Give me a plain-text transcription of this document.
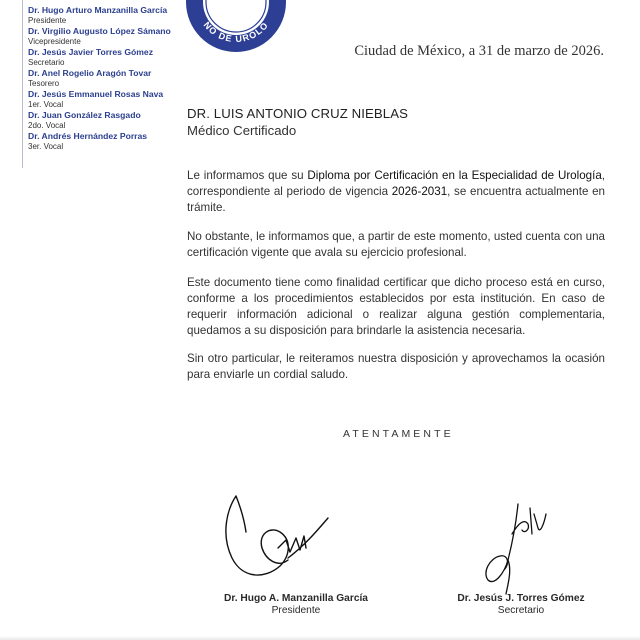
Dr. Hugo Arturo Manzanilla García
Presidente
Dr. Virgilio Augusto López Sámano
Vicepresidente
Dr. Jesús Javier Torres Gómez
Secretario
Dr. Anel Rogelio Aragón Tovar
Tesorero
Dr. Jesús Emmanuel Rosas Nava
1er. Vocal
Dr. Juan González Rasgado
2do. Vocal
Dr. Andrés Hernández Porras
3er. Vocal
NO DE UROLO
Ciudad de México, a 31 de marzo de 2026.
DR. LUIS ANTONIO CRUZ NIEBLAS
Médico Certificado

Le informamos que su Diploma por Certificación en la Especialidad de Urología, correspondiente al periodo de vigencia 2026-2031, se encuentra actualmente en trámite.

No obstante, le informamos que, a partir de este momento, usted cuenta con una certificación vigente que avala su ejercicio profesional.

Este documento tiene como finalidad certificar que dicho proceso está en curso, conforme a los procedimientos establecidos por esta institución. En caso de requerir información adicional o realizar alguna gestión complementaria, quedamos a su disposición para brindarle la asistencia necesaria.

Sin otro particular, le reiteramos nuestra disposición y aprovechamos la ocasión para enviarle un cordial saludo.

ATENTAMENTE
Dr. Hugo A. Manzanilla García
Presidente
Dr. Jesús J. Torres Gómez
Secretario
